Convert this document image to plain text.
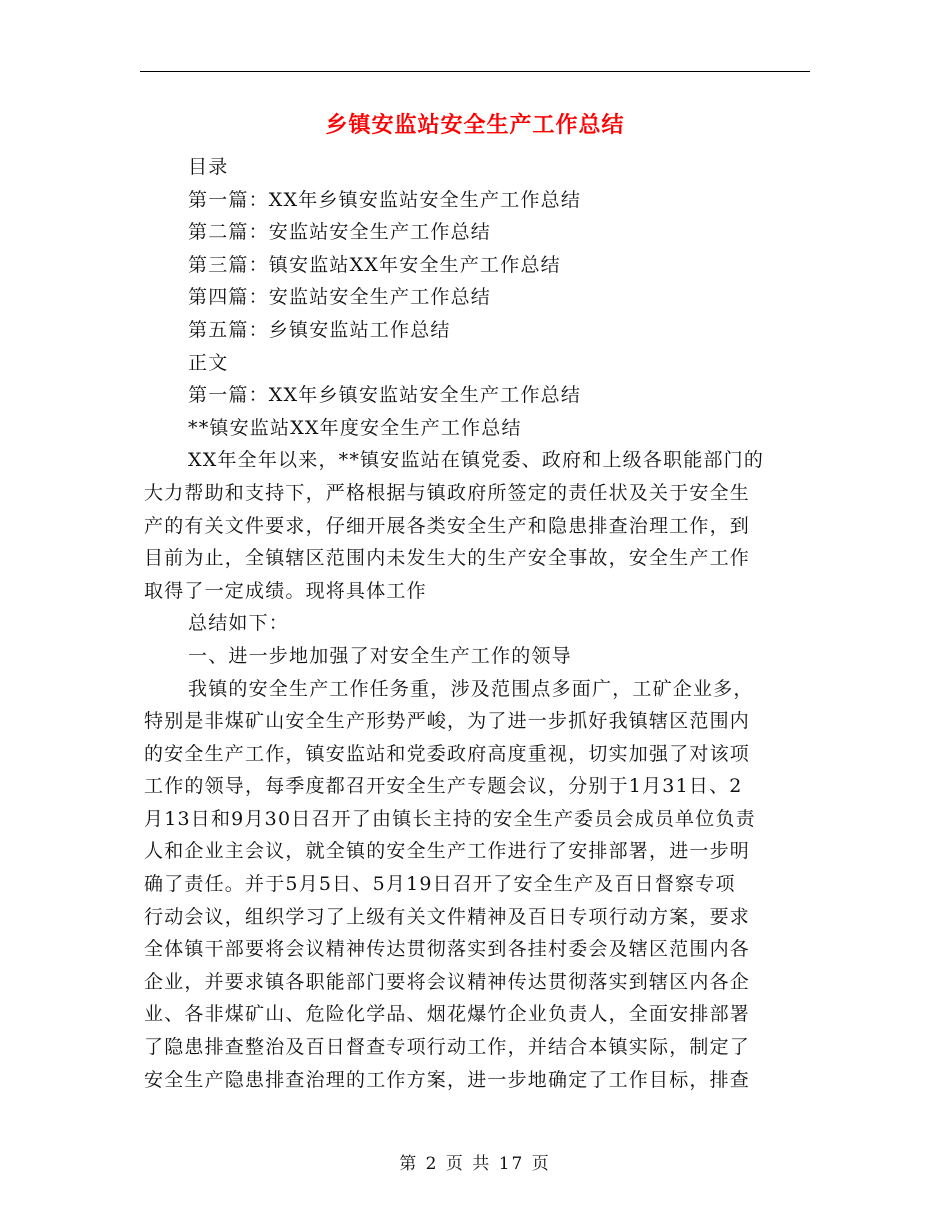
乡镇安监站安全生产工作总结
目录
第一篇：XX年乡镇安监站安全生产工作总结
第二篇：安监站安全生产工作总结
第三篇：镇安监站XX年安全生产工作总结
第四篇：安监站安全生产工作总结
第五篇：乡镇安监站工作总结
正文
第一篇：XX年乡镇安监站安全生产工作总结
**镇安监站XX年度安全生产工作总结
XX年全年以来，**镇安监站在镇党委、政府和上级各职能部门的
大力帮助和支持下，严格根据与镇政府所签定的责任状及关于安全生
产的有关文件要求，仔细开展各类安全生产和隐患排查治理工作，到
目前为止，全镇辖区范围内未发生大的生产安全事故，安全生产工作
取得了一定成绩。现将具体工作
总结如下：
一、进一步地加强了对安全生产工作的领导
我镇的安全生产工作任务重，涉及范围点多面广，工矿企业多，
特别是非煤矿山安全生产形势严峻，为了进一步抓好我镇辖区范围内
的安全生产工作，镇安监站和党委政府高度重视，切实加强了对该项
工作的领导，每季度都召开安全生产专题会议，分别于1月31日、2
月13日和9月30日召开了由镇长主持的安全生产委员会成员单位负责
人和企业主会议，就全镇的安全生产工作进行了安排部署，进一步明
确了责任。并于5月5日、5月19日召开了安全生产及百日督察专项
行动会议，组织学习了上级有关文件精神及百日专项行动方案，要求
全体镇干部要将会议精神传达贯彻落实到各挂村委会及辖区范围内各
企业，并要求镇各职能部门要将会议精神传达贯彻落实到辖区内各企
业、各非煤矿山、危险化学品、烟花爆竹企业负责人，全面安排部署
了隐患排查整治及百日督查专项行动工作，并结合本镇实际，制定了
安全生产隐患排查治理的工作方案，进一步地确定了工作目标，排查
第 2 页 共 17 页
